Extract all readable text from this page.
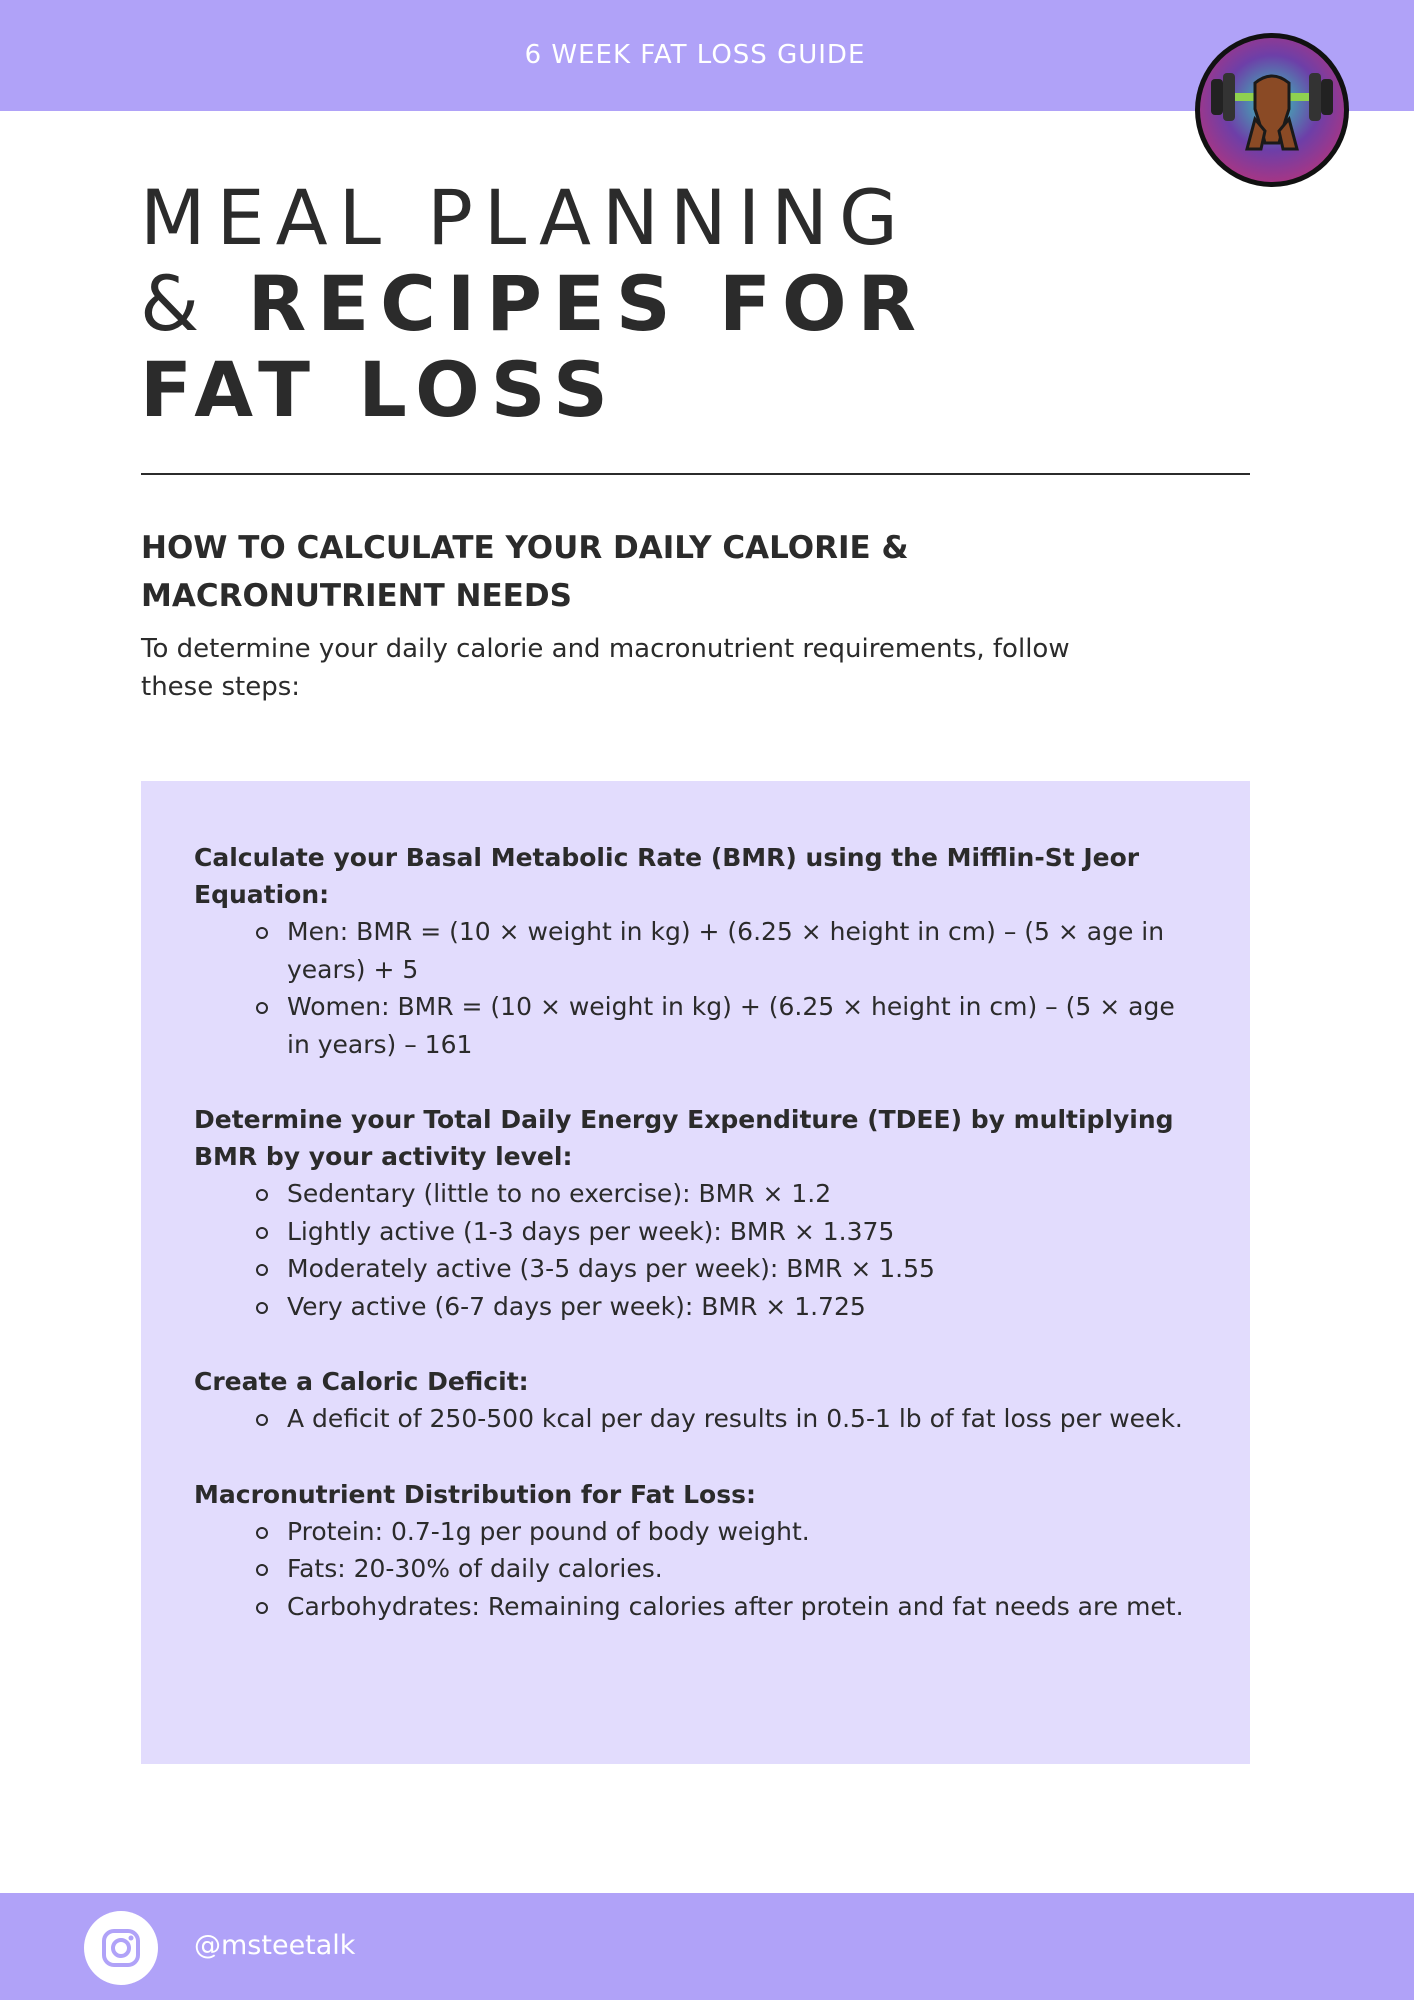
6 WEEK FAT LOSS GUIDE
MEAL PLANNING
& RECIPES FOR
FAT LOSS
HOW TO CALCULATE YOUR DAILY CALORIE & MACRONUTRIENT NEEDS

To determine your daily calorie and macronutrient requirements, follow these steps:

Calculate your Basal Metabolic Rate (BMR) using the Mifflin-St Jeor Equation:

Men: BMR = (10 × weight in kg) + (6.25 × height in cm) – (5 × age in years) + 5
Women: BMR = (10 × weight in kg) + (6.25 × height in cm) – (5 × age in years) – 161

Determine your Total Daily Energy Expenditure (TDEE) by multiplying BMR by your activity level:

Sedentary (little to no exercise): BMR × 1.2
Lightly active (1-3 days per week): BMR × 1.375
Moderately active (3-5 days per week): BMR × 1.55
Very active (6-7 days per week): BMR × 1.725

Create a Caloric Deficit:

A deficit of 250-500 kcal per day results in 0.5-1 lb of fat loss per week.

Macronutrient Distribution for Fat Loss:

Protein: 0.7-1g per pound of body weight.
Fats: 20-30% of daily calories.
Carbohydrates: Remaining calories after protein and fat needs are met.
@msteetalk
